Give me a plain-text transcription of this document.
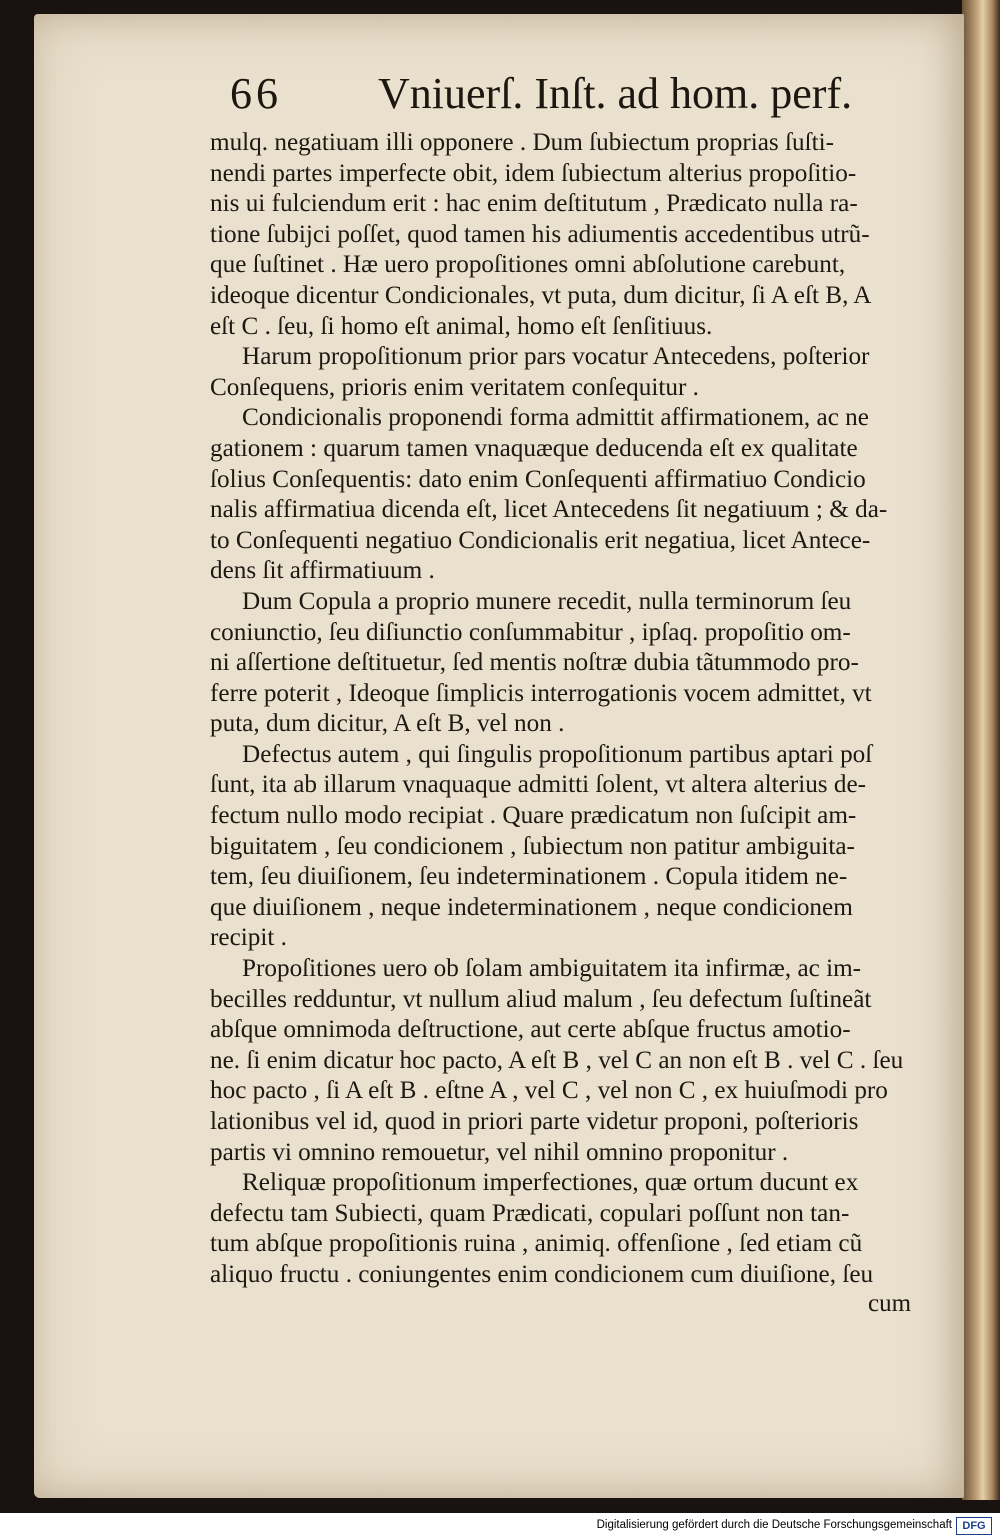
66 Vniuerſ. Inſt. ad hom. perf.
mulq. negatiuam illi opponere . Dum ſubiectum proprias ſuſti-
nendi partes imperfecte obit, idem ſubiectum alterius propoſitio-
nis ui fulciendum erit : hac enim deſtitutum , Prædicato nulla ra-
tione ſubijci poſſet, quod tamen his adiumentis accedentibus utrũ-
que ſuſtinet . Hæ uero propoſitiones omni abſolutione carebunt,
ideoque dicentur Condicionales, vt puta, dum dicitur, ſi A eſt B, A
eſt C . ſeu, ſi homo eſt animal, homo eſt ſenſitiuus.
Harum propoſitionum prior pars vocatur Antecedens, poſterior
Conſequens, prioris enim veritatem conſequitur .
Condicionalis proponendi forma admittit affirmationem, ac ne
gationem : quarum tamen vnaquæque deducenda eſt ex qualitate
ſolius Conſequentis: dato enim Conſequenti affirmatiuo Condicio
nalis affirmatiua dicenda eſt, licet Antecedens ſit negatiuum ; & da-
to Conſequenti negatiuo Condicionalis erit negatiua, licet Antece-
dens ſit affirmatiuum .
Dum Copula a proprio munere recedit, nulla terminorum ſeu
coniunctio, ſeu diſiunctio conſummabitur , ipſaq. propoſitio om-
ni aſſertione deſtituetur, ſed mentis noſtræ dubia tãtummodo pro-
ferre poterit , Ideoque ſimplicis interrogationis vocem admittet, vt
puta, dum dicitur, A eſt B, vel non .
Defectus autem , qui ſingulis propoſitionum partibus aptari poſ
ſunt, ita ab illarum vnaquaque admitti ſolent, vt altera alterius de-
fectum nullo modo recipiat . Quare prædicatum non ſuſcipit am-
biguitatem , ſeu condicionem , ſubiectum non patitur ambiguita-
tem, ſeu diuiſionem, ſeu indeterminationem . Copula itidem ne-
que diuiſionem , neque indeterminationem , neque condicionem
recipit .
Propoſitiones uero ob ſolam ambiguitatem ita infirmæ, ac im-
becilles redduntur, vt nullum aliud malum , ſeu defectum ſuſtineãt
abſque omnimoda deſtructione, aut certe abſque fructus amotio-
ne. ſi enim dicatur hoc pacto, A eſt B , vel C an non eſt B . vel C . ſeu
hoc pacto , ſi A eſt B . eſtne A , vel C , vel non C , ex huiuſmodi pro
lationibus vel id, quod in priori parte videtur proponi, poſterioris
partis vi omnino remouetur, vel nihil omnino proponitur .
Reliquæ propoſitionum imperfectiones, quæ ortum ducunt ex
defectu tam Subiecti, quam Prædicati, copulari poſſunt non tan-
tum abſque propoſitionis ruina , animiq. offenſione , ſed etiam cũ
aliquo fructu . coniungentes enim condicionem cum diuiſione, ſeu
cum
Digitalisierung gefördert durch die Deutsche Forschungsgemeinschaft DFG
